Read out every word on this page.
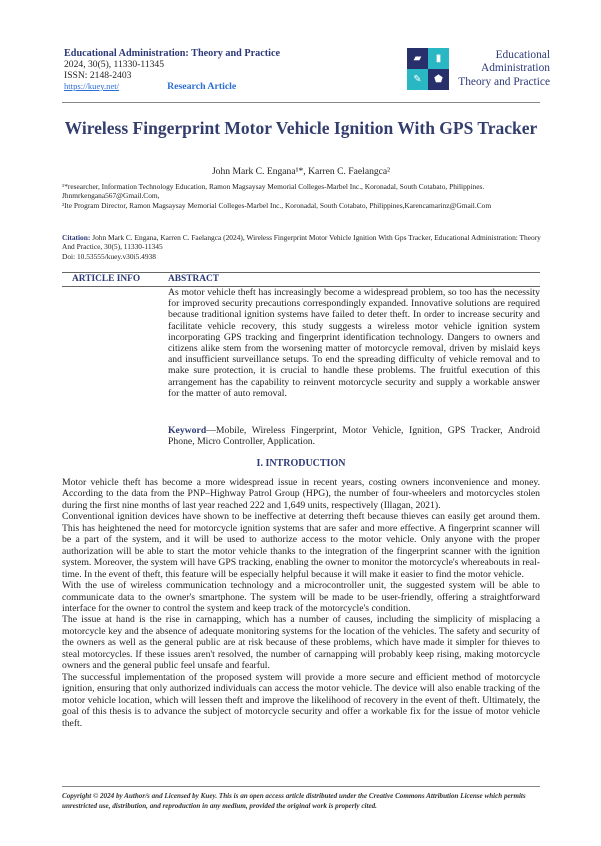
Educational Administration: Theory and Practice
2024, 30(5), 11330-11345
ISSN: 2148-2403
https://kuey.net/	Research Article
▰	▮
✎	⬟
Educational
Administration
Theory and Practice
Wireless Fingerprint Motor Vehicle Ignition With GPS Tracker
John Mark C. Engana¹*, Karren C. Faelangca²
¹*researcher, Information Technology Education, Ramon Magsaysay Memorial Colleges-Marbel Inc., Koronadal, South Cotabato, Philippines. Jhnmrkengana567@Gmail.Com,
²Ite Program Director, Ramon Magsaysay Memorial Colleges-Marbel Inc., Koronadal, South Cotabato, Philippines,Karencamarinz@Gmail.Com
Citation: John Mark C. Engana, Karren C. Faelangca (2024), Wireless Fingerprint Motor Vehicle Ignition With Gps Tracker, Educational Administration: Theory And Practice, 30(5), 11330-11345
Doi: 10.53555/kuey.v30i5.4938
ARTICLE INFO	ABSTRACT
As motor vehicle theft has increasingly become a widespread problem, so too has the necessity for improved security precautions correspondingly expanded. Innovative solutions are required because traditional ignition systems have failed to deter theft. In order to increase security and facilitate vehicle recovery, this study suggests a wireless motor vehicle ignition system incorporating GPS tracking and fingerprint identification technology. Dangers to owners and citizens alike stem from the worsening matter of motorcycle removal, driven by mislaid keys and insufficient surveillance setups. To end the spreading difficulty of vehicle removal and to make sure protection, it is crucial to handle these problems. The fruitful execution of this arrangement has the capability to reinvent motorcycle security and supply a workable answer for the matter of auto removal.
Keyword—Mobile, Wireless Fingerprint, Motor Vehicle, Ignition, GPS Tracker, Android Phone, Micro Controller, Application.
I. INTRODUCTION

Motor vehicle theft has become a more widespread issue in recent years, costing owners inconvenience and money. According to the data from the PNP–Highway Patrol Group (HPG), the number of four-wheelers and motorcycles stolen during the first nine months of last year reached 222 and 1,649 units, respectively (Illagan, 2021).

Conventional ignition devices have shown to be ineffective at deterring theft because thieves can easily get around them. This has heightened the need for motorcycle ignition systems that are safer and more effective. A fingerprint scanner will be a part of the system, and it will be used to authorize access to the motor vehicle. Only anyone with the proper authorization will be able to start the motor vehicle thanks to the integration of the fingerprint scanner with the ignition system. Moreover, the system will have GPS tracking, enabling the owner to monitor the motorcycle's whereabouts in real-time. In the event of theft, this feature will be especially helpful because it will make it easier to find the motor vehicle.

With the use of wireless communication technology and a microcontroller unit, the suggested system will be able to communicate data to the owner's smartphone. The system will be made to be user-friendly, offering a straightforward interface for the owner to control the system and keep track of the motorcycle's condition.

The issue at hand is the rise in carnapping, which has a number of causes, including the simplicity of misplacing a motorcycle key and the absence of adequate monitoring systems for the location of the vehicles. The safety and security of the owners as well as the general public are at risk because of these problems, which have made it simpler for thieves to steal motorcycles. If these issues aren't resolved, the number of carnapping will probably keep rising, making motorcycle owners and the general public feel unsafe and fearful.

The successful implementation of the proposed system will provide a more secure and efficient method of motorcycle ignition, ensuring that only authorized individuals can access the motor vehicle. The device will also enable tracking of the motor vehicle location, which will lessen theft and improve the likelihood of recovery in the event of theft. Ultimately, the goal of this thesis is to advance the subject of motorcycle security and offer a workable fix for the issue of motor vehicle theft.

Copyright © 2024 by Author/s and Licensed by Kuey. This is an open access article distributed under the Creative Commons Attribution License which permits unrestricted use, distribution, and reproduction in any medium, provided the original work is properly cited.
